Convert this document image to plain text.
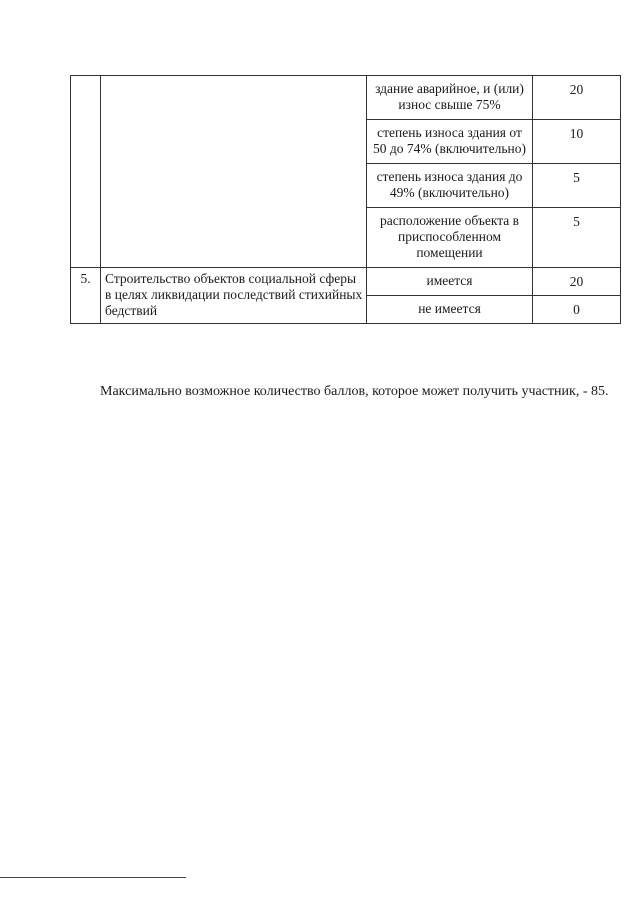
		здание аварийное, и (или) износ свыше 75%	20
		степень износа здания от 50 до 74% (включительно)	10
		степень износа здания до 49% (включительно)	5
		расположение объекта в приспособленном помещении	5
5.	Строительство объектов социальной сферы в целях ликвидации последствий стихийных бедствий	имеется	20
		не имеется	0
Максимально возможное количество баллов, которое может получить участник, - 85.
